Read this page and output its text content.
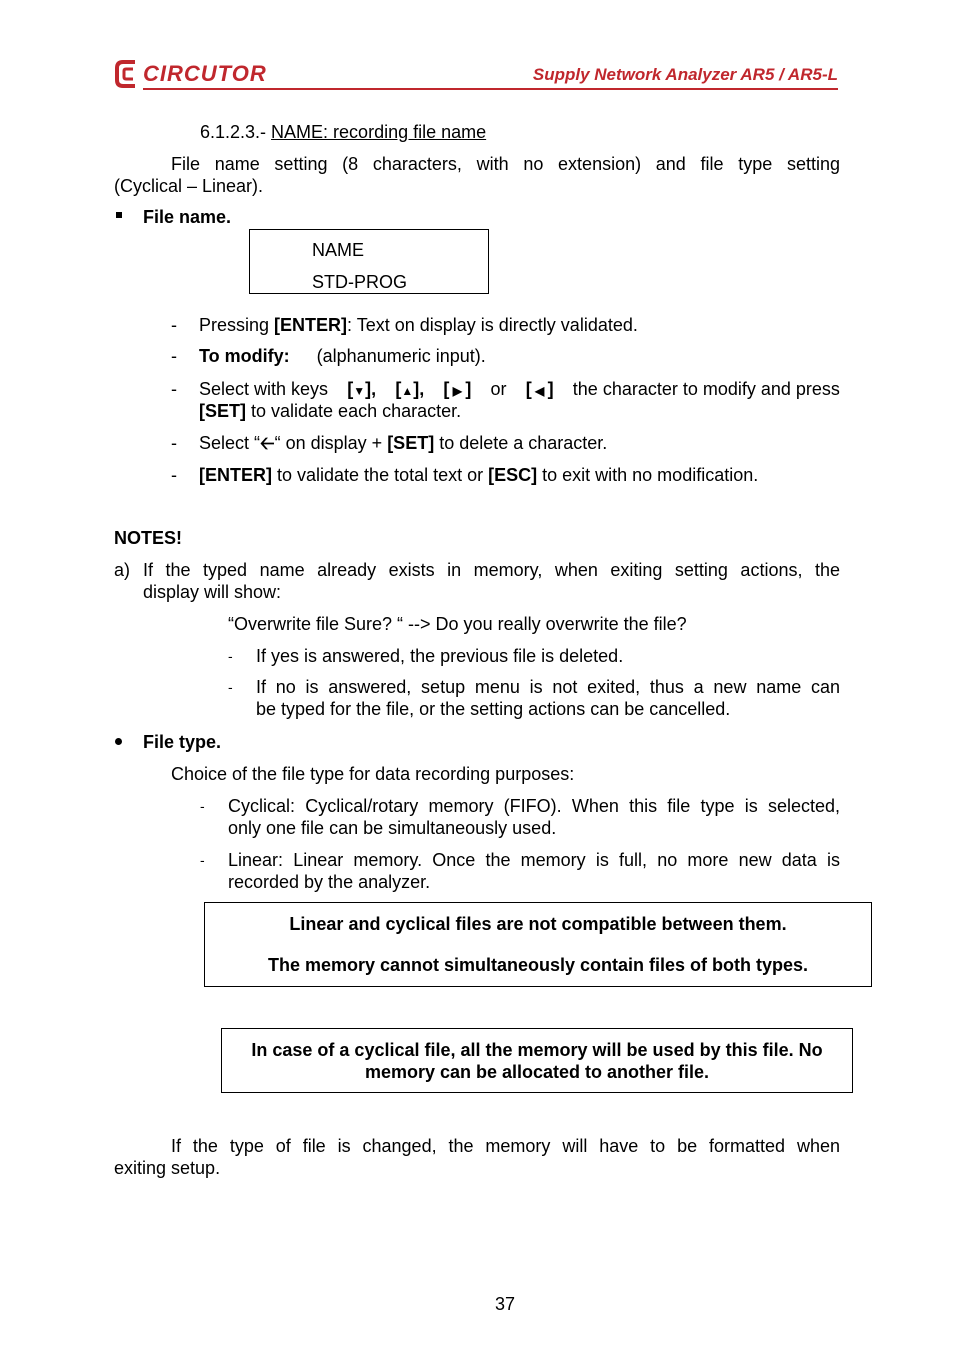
CIRCUTOR	Supply Network Analyzer AR5 / AR5-L
6.1.2.3.- NAME: recording file name
File name setting (8 characters, with no extension) and file type setting
(Cyclical – Linear).
File name.
NAME
STD-PROG
- Pressing [ENTER]: Text on display is directly validated.
- To modify: (alphanumeric input).
- Select with keys [▼], [▲], [ ▶ ] or [ ◀ ] the character to modify and press
[SET] to validate each character.
- Select “🡠“ on display + [SET] to delete a character.
- [ENTER] to validate the total text or [ESC] to exit with no modification.
NOTES!
a) If the typed name already exists in memory, when exiting setting actions, the
display will show:
“Overwrite file Sure? “ --> Do you really overwrite the file?
- If yes is answered, the previous file is deleted.
- If no is answered, setup menu is not exited, thus a new name can
be typed for the file, or the setting actions can be cancelled.
File type.
Choice of the file type for data recording purposes:
- Cyclical: Cyclical/rotary memory (FIFO). When this file type is selected,
only one file can be simultaneously used.
- Linear: Linear memory. Once the memory is full, no more new data is
recorded by the analyzer.
Linear and cyclical files are not compatible between them.
The memory cannot simultaneously contain files of both types.
In case of a cyclical file, all the memory will be used by this file. No
memory can be allocated to another file.
If the type of file is changed, the memory will have to be formatted when
exiting setup.
37
